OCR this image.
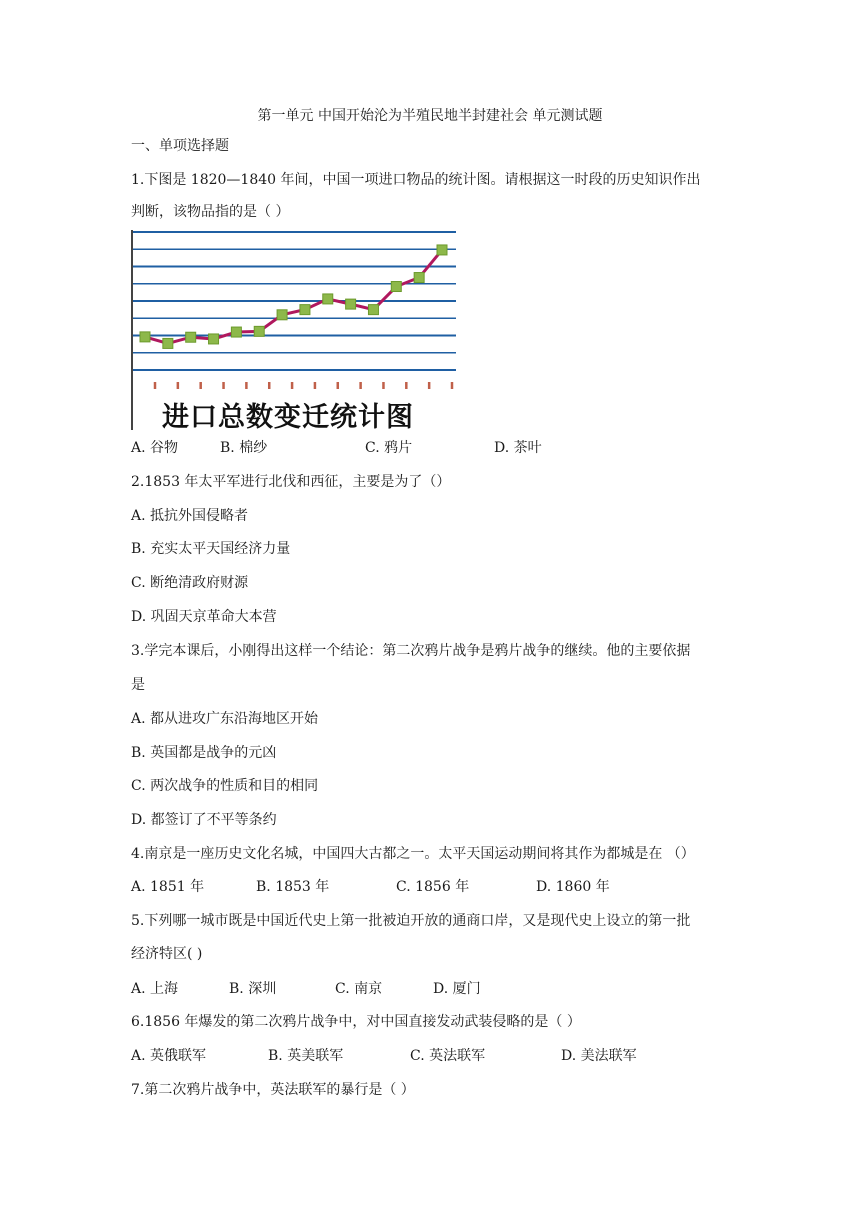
第一单元 中国开始沦为半殖民地半封建社会 单元测试题
一、单项选择题
1.下图是 1820—1840 年间，中国一项进口物品的统计图。请根据这一时段的历史知识作出
判断，该物品指的是（ ）
进口总数变迁统计图
A. 谷物	B. 棉纱	C. 鸦片	D. 茶叶
2.1853 年太平军进行北伐和西征，主要是为了（）
A. 抵抗外国侵略者
B. 充实太平天国经济力量
C. 断绝清政府财源
D. 巩固天京革命大本营
3.学完本课后，小刚得出这样一个结论：第二次鸦片战争是鸦片战争的继续。他的主要依据
是
A. 都从进攻广东沿海地区开始
B. 英国都是战争的元凶
C. 两次战争的性质和目的相同
D. 都签订了不平等条约
4.南京是一座历史文化名城，中国四大古都之一。太平天国运动期间将其作为都城是在 （）
A. 1851 年	B. 1853 年	C. 1856 年	D. 1860 年
5.下列哪一城市既是中国近代史上第一批被迫开放的通商口岸，又是现代史上设立的第一批
经济特区( )
A. 上海	B. 深圳	C. 南京	D. 厦门
6.1856 年爆发的第二次鸦片战争中，对中国直接发动武装侵略的是（ ）
A. 英俄联军	B. 英美联军	C. 英法联军	D. 美法联军
7.第二次鸦片战争中，英法联军的暴行是（ ）
